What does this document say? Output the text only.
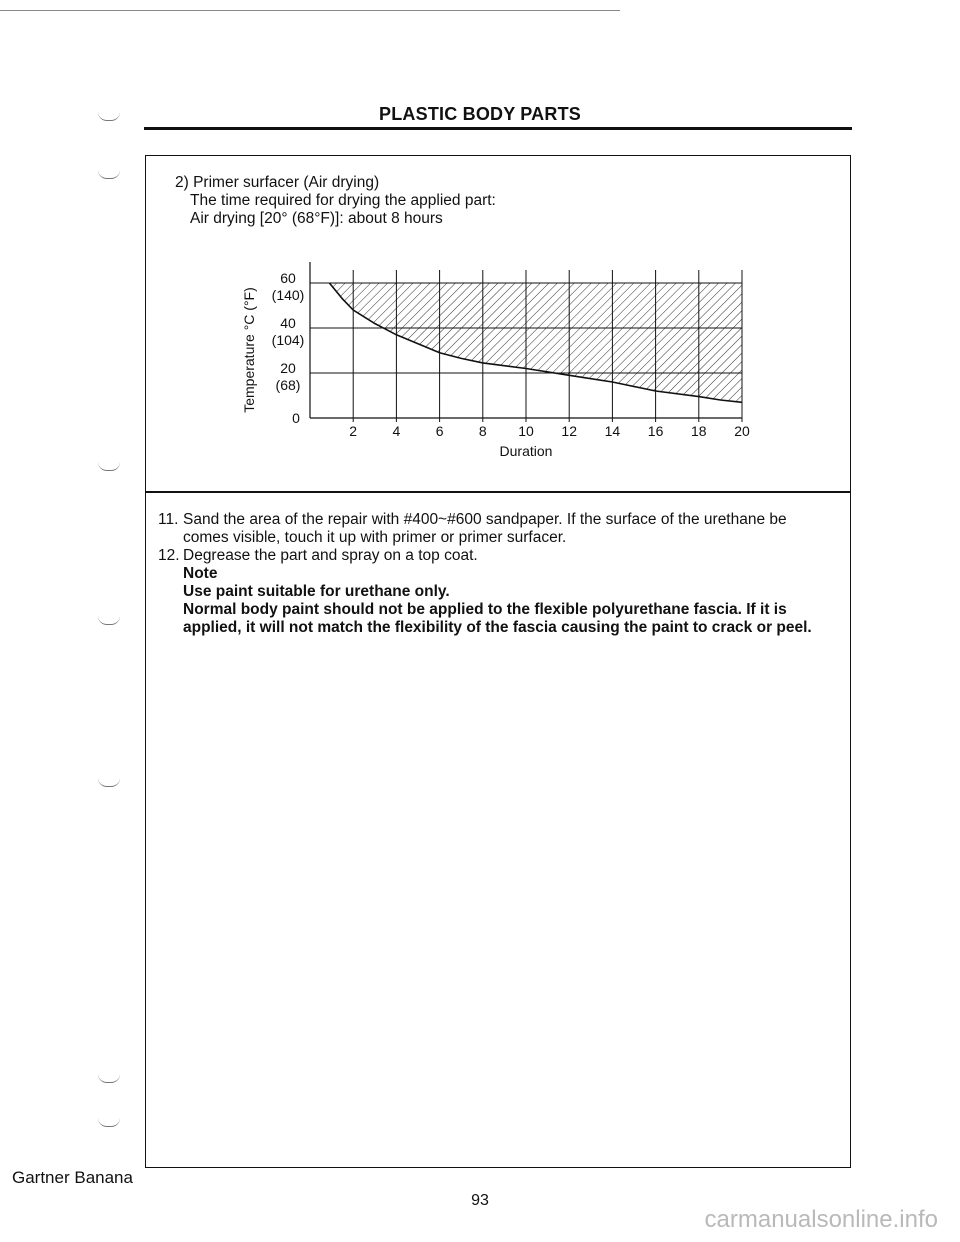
PLASTIC BODY PARTS
2) Primer surfacer (Air drying)
The time required for drying the applied part:
Air drying [20° (68°F)]: about 8 hours
2	4	6	8 10 12 14 16 18 20
0
20
(68)
40
(104)
60
(140)
Duration
Temperature °C (°F)
11. Sand the area of the repair with #400~#600 sandpaper. If the surface of the urethane be
comes visible, touch it up with primer or primer surfacer.
12. Degrease the part and spray on a top coat.
Note
Use paint suitable for urethane only.
Normal body paint should not be applied to the flexible polyurethane fascia. If it is
applied, it will not match the flexibility of the fascia causing the paint to crack or peel.
Gartner Banana
93
carmanualsonline.info
